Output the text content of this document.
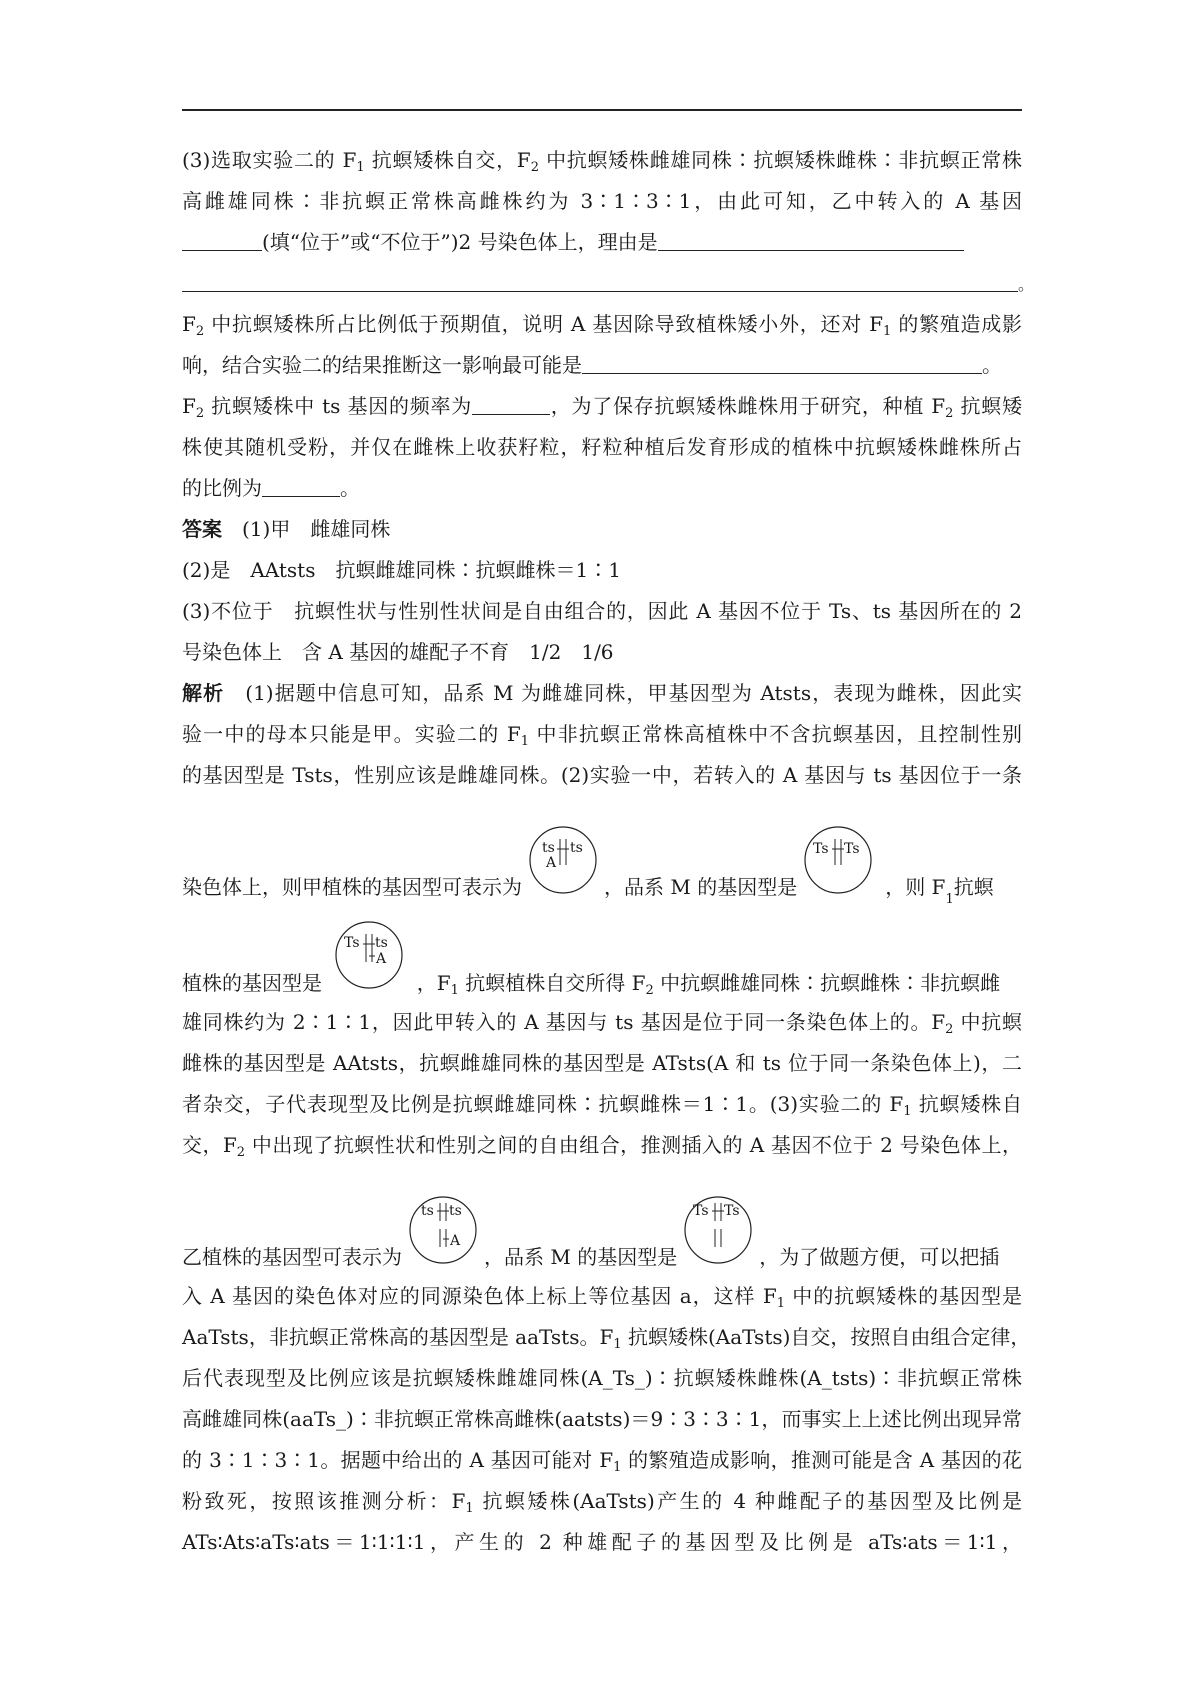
(3)选取实验二的 $F_1$ 抗螟矮株自交，$F_2$ 中抗螟矮株雌雄同株∶抗螟矮株雌株∶非抗螟正常株
高雌雄同株∶非抗螟正常株高雌株约为 3∶1∶3∶1，由此可知，乙中转入的 A 基因
(填“位于”或“不位于”)2 号染色体上，理由是
。
$F_2$ 中抗螟矮株所占比例低于预期值，说明 A 基因除导致植株矮小外，还对 $F_1$ 的繁殖造成影
响，结合实验二的结果推断这一影响最可能是	。
$F_2$ 抗螟矮株中 ts 基因的频率为	，为了保存抗螟矮株雌株用于研究，种植 $F_2$ 抗螟矮
株使其随机受粉，并仅在雌株上收获籽粒，籽粒种植后发育形成的植株中抗螟矮株雌株所占
的比例为	。
答案　 (1)甲　雌雄同株
(2)是　AAtsts　抗螟雌雄同株∶抗螟雌株＝1∶1
(3)不位于　抗螟性状与性别性状间是自由组合的，因此 A 基因不位于 Ts、ts 基因所在的 2
号染色体上　含 A 基因的雄配子不育　1/2　1/6
解析　 (1)据题中信息可知，品系 M 为雌雄同株，甲基因型为 Atsts，表现为雌株，因此实
验一中的母本只能是甲。实验二的 $F_1$ 中非抗螟正常株高植株中不含抗螟基因，且控制性别
的基因型是 Tsts，性别应该是雌雄同株。(2)实验一中，若转入的 A 基因与 ts 基因位于一条
染色体上，则甲植株的基因型可表示为
ts ts
A
，品系 M 的基因型是
Ts Ts
，则 F
1
抗螟
植株的基因型是
Ts ts
A
，$F_1$ 抗螟植株自交所得 $F_2$ 中抗螟雌雄同株∶抗螟雌株∶非抗螟雌
雄同株约为 2∶1∶1，因此甲转入的 A 基因与 ts 基因是位于同一条染色体上的。$F_2$ 中抗螟
雌株的基因型是 AAtsts，抗螟雌雄同株的基因型是 ATsts(A 和 ts 位于同一条染色体上)，二
者杂交，子代表现型及比例是抗螟雌雄同株∶抗螟雌株＝1∶1。(3)实验二的 $F_1$ 抗螟矮株自
交，$F_2$ 中出现了抗螟性状和性别之间的自由组合，推测插入的 A 基因不位于 2 号染色体上，
乙植株的基因型可表示为
ts ts
A
，品系 M 的基因型是
Ts Ts
，为了做题方便，可以把插
入 A 基因的染色体对应的同源染色体上标上等位基因 a，这样 $F_1$ 中的抗螟矮株的基因型是
AaTsts，非抗螟正常株高的基因型是 aaTsts。$F_1$ 抗螟矮株(AaTsts)自交，按照自由组合定律，
后代表现型及比例应该是抗螟矮株雌雄同株(A_Ts_)∶抗螟矮株雌株(A_tsts)∶非抗螟正常株
高雌雄同株(aaTs_)∶非抗螟正常株高雌株(aatsts)＝9∶3∶3∶1，而事实上上述比例出现异常
的 3∶1∶3∶1。据题中给出的 A 基因可能对 $F_1$ 的繁殖造成影响，推测可能是含 A 基因的花
粉致死，按照该推测分析：$F_1$ 抗螟矮株(AaTsts)产生的 4 种雌配子的基因型及比例是
ATs∶Ats∶aTs∶ats＝1∶1∶1∶1，产生的 2 种雄配子的基因型及比例是 aTs∶ats＝1∶1，
